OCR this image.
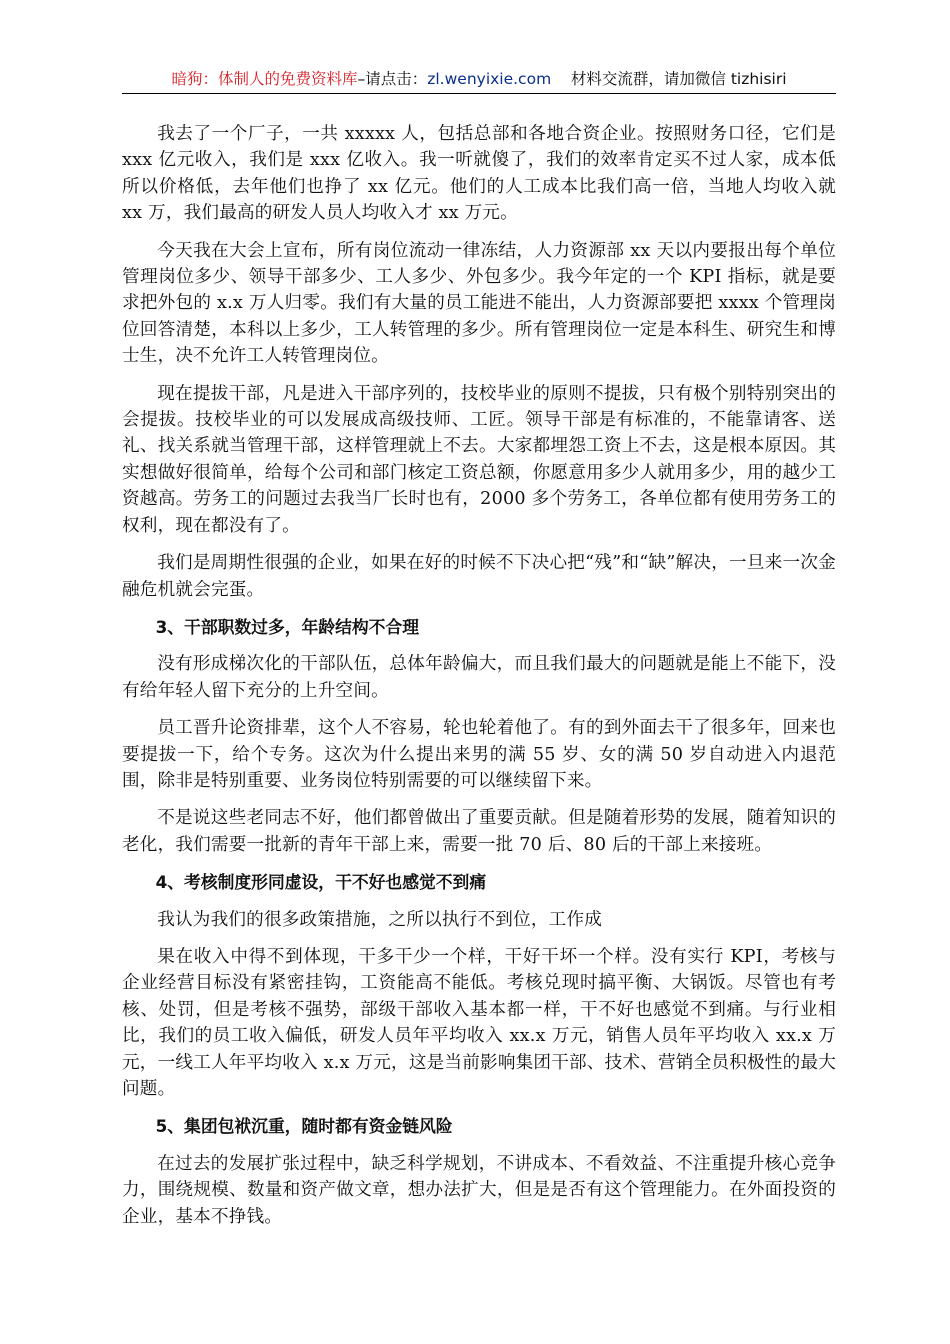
暗狗：体制人的免费资料库–请点击：zl.wenyixie.com 材料交流群，请加微信 tizhisiri

我去了一个厂子，一共 xxxxx 人，包括总部和各地合资企业。按照财务口径，它们是 xxx 亿元收入，我们是 xxx 亿收入。我一听就傻了，我们的效率肯定买不过人家，成本低所以价格低，去年他们也挣了 xx 亿元。他们的人工成本比我们高一倍，当地人均收入就 xx 万，我们最高的研发人员人均收入才 xx 万元。

今天我在大会上宣布，所有岗位流动一律冻结，人力资源部 xx 天以内要报出每个单位管理岗位多少、领导干部多少、工人多少、外包多少。我今年定的一个 KPI 指标，就是要求把外包的 x.x 万人归零。我们有大量的员工能进不能出，人力资源部要把 xxxx 个管理岗位回答清楚，本科以上多少，工人转管理的多少。所有管理岗位一定是本科生、研究生和博士生，决不允许工人转管理岗位。

现在提拔干部，凡是进入干部序列的，技校毕业的原则不提拔，只有极个别特别突出的会提拔。技校毕业的可以发展成高级技师、工匠。领导干部是有标准的，不能靠请客、送礼、找关系就当管理干部，这样管理就上不去。大家都埋怨工资上不去，这是根本原因。其实想做好很简单，给每个公司和部门核定工资总额，你愿意用多少人就用多少，用的越少工资越高。劳务工的问题过去我当厂长时也有，2000 多个劳务工，各单位都有使用劳务工的权利，现在都没有了。

我们是周期性很强的企业，如果在好的时候不下决心把“残”和“缺”解决，一旦来一次金融危机就会完蛋。

3、干部职数过多，年龄结构不合理

没有形成梯次化的干部队伍，总体年龄偏大，而且我们最大的问题就是能上不能下，没有给年轻人留下充分的上升空间。

员工晋升论资排辈，这个人不容易，轮也轮着他了。有的到外面去干了很多年，回来也要提拔一下，给个专务。这次为什么提出来男的满 55 岁、女的满 50 岁自动进入内退范围，除非是特别重要、业务岗位特别需要的可以继续留下来。

不是说这些老同志不好，他们都曾做出了重要贡献。但是随着形势的发展，随着知识的老化，我们需要一批新的青年干部上来，需要一批 70 后、80 后的干部上来接班。

4、考核制度形同虚设，干不好也感觉不到痛

我认为我们的很多政策措施，之所以执行不到位，工作成

果在收入中得不到体现，干多干少一个样，干好干坏一个样。没有实行 KPI，考核与企业经营目标没有紧密挂钩，工资能高不能低。考核兑现时搞平衡、大锅饭。尽管也有考核、处罚，但是考核不强势，部级干部收入基本都一样，干不好也感觉不到痛。与行业相比，我们的员工收入偏低，研发人员年平均收入 xx.x 万元，销售人员年平均收入 xx.x 万元，一线工人年平均收入 x.x 万元，这是当前影响集团干部、技术、营销全员积极性的最大问题。

5、集团包袱沉重，随时都有资金链风险

在过去的发展扩张过程中，缺乏科学规划，不讲成本、不看效益、不注重提升核心竞争力，围绕规模、数量和资产做文章，想办法扩大，但是是否有这个管理能力。在外面投资的企业，基本不挣钱。
